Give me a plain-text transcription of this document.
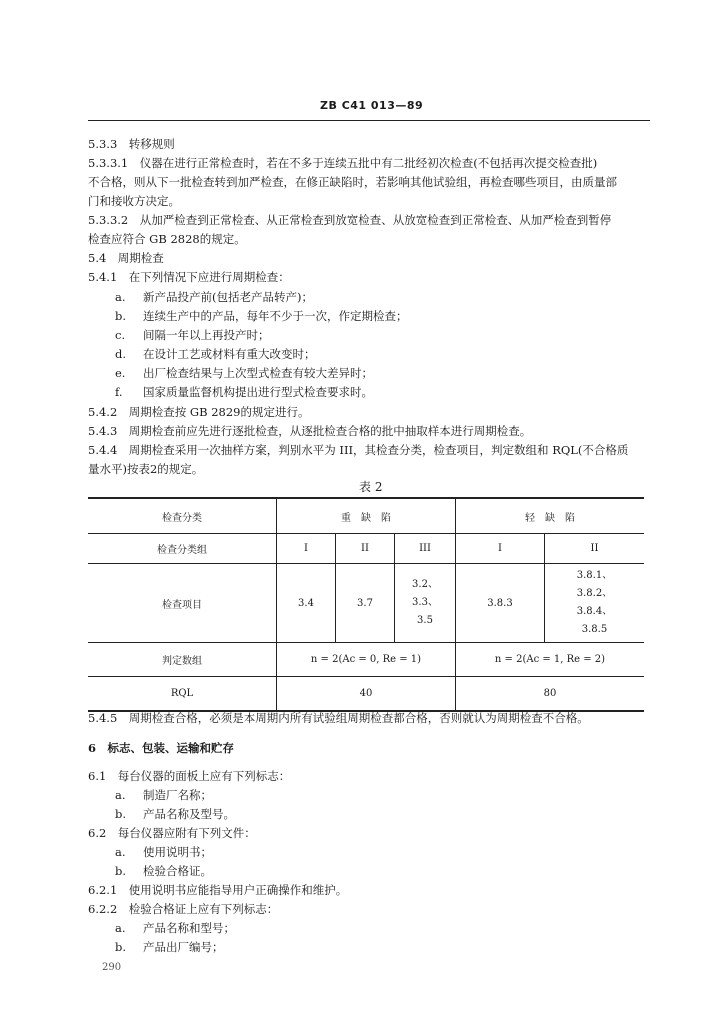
ZB C41 013—89
5.3.3　转移规则
5.3.3.1　仪器在进行正常检查时，若在不多于连续五批中有二批经初次检查(不包括再次提交检查批)
不合格，则从下一批检查转到加严检查，在修正缺陷时，若影响其他试验组，再检查哪些项目，由质量部
门和接收方决定。
5.3.3.2　从加严检查到正常检查、从正常检查到放宽检查、从放宽检查到正常检查、从加严检查到暂停
检查应符合 GB 2828的规定。
5.4　周期检查
5.4.1　在下列情况下应进行周期检查：
a. 新产品投产前(包括老产品转产)；
b. 连续生产中的产品，每年不少于一次，作定期检查；
c. 间隔一年以上再投产时；
d. 在设计工艺或材料有重大改变时；
e. 出厂检查结果与上次型式检查有较大差异时；
f. 国家质量监督机构提出进行型式检查要求时。
5.4.2　周期检查按 GB 2829的规定进行。
5.4.3　周期检查前应先进行逐批检查，从逐批检查合格的批中抽取样本进行周期检查。
5.4.4　周期检查采用一次抽样方案，判别水平为 III，其检查分类，检查项目，判定数组和 RQL(不合格质
量水平)按表2的规定。
表 2
检查分类	重　缺　陷			轻　缺　陷	
检查分类组	I	II	III	I	II
检查项目	3.4	3.7	3.2、
3.3、
3.5	3.8.3	3.8.1、
3.8.2、
3.8.4、
3.8.5

判定数组	n = 2(Ac = 0, Re = 1)			n = 2(Ac = 1, Re = 2)	
RQL	40			80	
5.4.5　周期检查合格，必须是本周期内所有试验组周期检查都合格，否则就认为周期检查不合格。
6　标志、包装、运输和贮存
6.1　每台仪器的面板上应有下列标志：
a. 制造厂名称；
b. 产品名称及型号。
6.2　每台仪器应附有下列文件：
a. 使用说明书；
b. 检验合格证。
6.2.1　使用说明书应能指导用户正确操作和维护。
6.2.2　检验合格证上应有下列标志：
a. 产品名称和型号；
b. 产品出厂编号；
290
